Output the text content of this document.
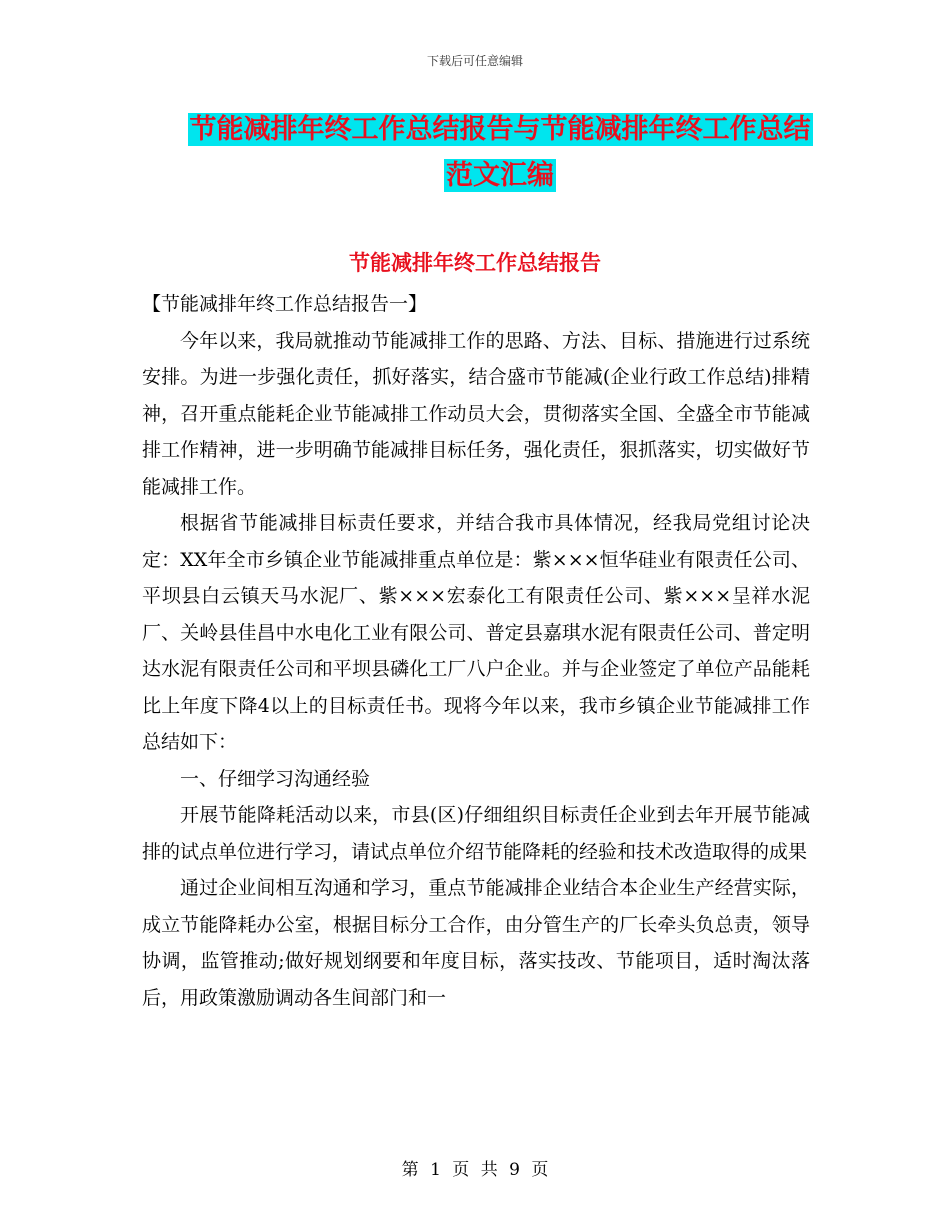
下载后可任意编辑
节能减排年终工作总结报告与节能减排年终工作总结
范文汇编
节能减排年终工作总结报告

【节能减排年终工作总结报告一】

今年以来，我局就推动节能减排工作的思路、方法、目标、措施进行过系统安排。为进一步强化责任，抓好落实，结合盛市节能减(企业行政工作总结)排精神，召开重点能耗企业节能减排工作动员大会，贯彻落实全国、全盛全市节能减排工作精神，进一步明确节能减排目标任务，强化责任，狠抓落实，切实做好节能减排工作。

根据省节能减排目标责任要求，并结合我市具体情况，经我局党组讨论决定：XX年全市乡镇企业节能减排重点单位是：紫×××恒华硅业有限责任公司、平坝县白云镇天马水泥厂、紫×××宏泰化工有限责任公司、紫×××呈祥水泥厂、关岭县佳昌中水电化工业有限公司、普定县嘉琪水泥有限责任公司、普定明达水泥有限责任公司和平坝县磷化工厂八户企业。并与企业签定了单位产品能耗比上年度下降4以上的目标责任书。现将今年以来，我市乡镇企业节能减排工作总结如下：

一、仔细学习沟通经验

开展节能降耗活动以来，市县(区)仔细组织目标责任企业到去年开展节能减排的试点单位进行学习，请试点单位介绍节能降耗的经验和技术改造取得的成果

通过企业间相互沟通和学习，重点节能减排企业结合本企业生产经营实际，成立节能降耗办公室，根据目标分工合作，由分管生产的厂长牵头负总责，领导协调，监管推动;做好规划纲要和年度目标，落实技改、节能项目，适时淘汰落后，用政策激励调动各生间部门和一

第 1 页 共 9 页
